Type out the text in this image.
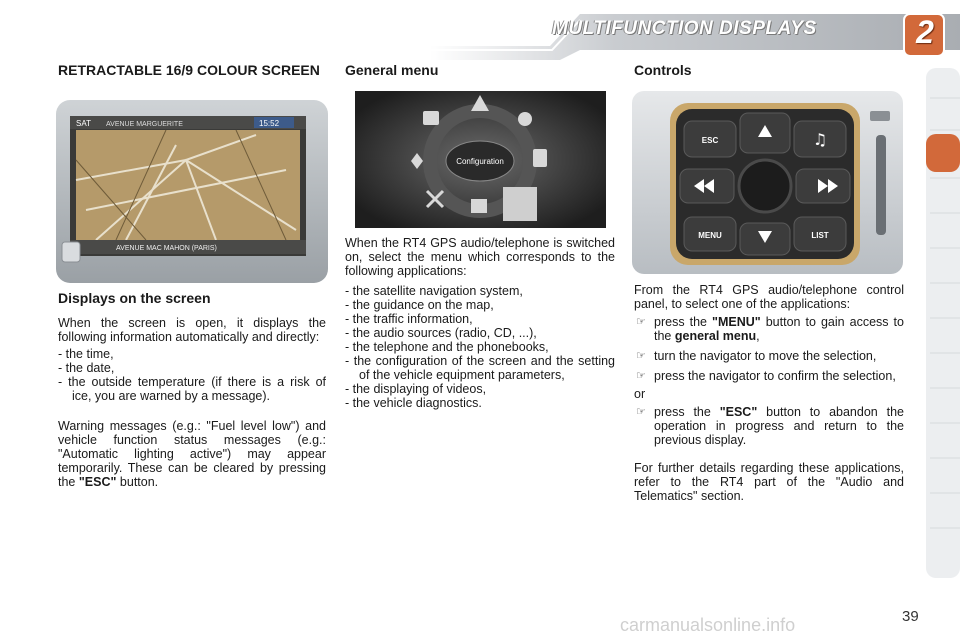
MULTIFUNCTION DISPLAYS	2
RETRACTABLE 16/9 COLOUR SCREEN
SAT AVENUE MARGUERITE	15:52
AVENUE MAC MAHON (PARIS)
Displays on the screen

When the screen is open, it displays the following information automatically and directly:

- the time,
- the date,
- the outside temperature (if there is a risk of ice, you are warned by a message).

Warning messages (e.g.: "Fuel level low") and vehicle function status messages (e.g.: "Automatic lighting active") may appear temporarily. These can be cleared by pressing the "ESC" button.

General menu
Configuration

When the RT4 GPS audio/telephone is switched on, select the menu which corresponds to the following applications:

- the satellite navigation system,
- the guidance on the map,
- the traffic information,
- the audio sources (radio, CD, ...),
- the telephone and the phonebooks,
- the configuration of the screen and the setting of the vehicle equipment parameters,
- the displaying of videos,
- the vehicle diagnostics.
Controls
ESC
MENU	LIST
♫

From the RT4 GPS audio/telephone control panel, to select one of the applications:

☞ press the "MENU" button to gain access to the general menu,
☞ turn the navigator to move the selection,
☞ press the navigator to confirm the selection,

or

☞ press the "ESC" button to abandon the operation in progress and return to the previous display.

For further details regarding these applications, refer to the RT4 part of the "Audio and Telematics" section.

39
carmanualsonline.info
